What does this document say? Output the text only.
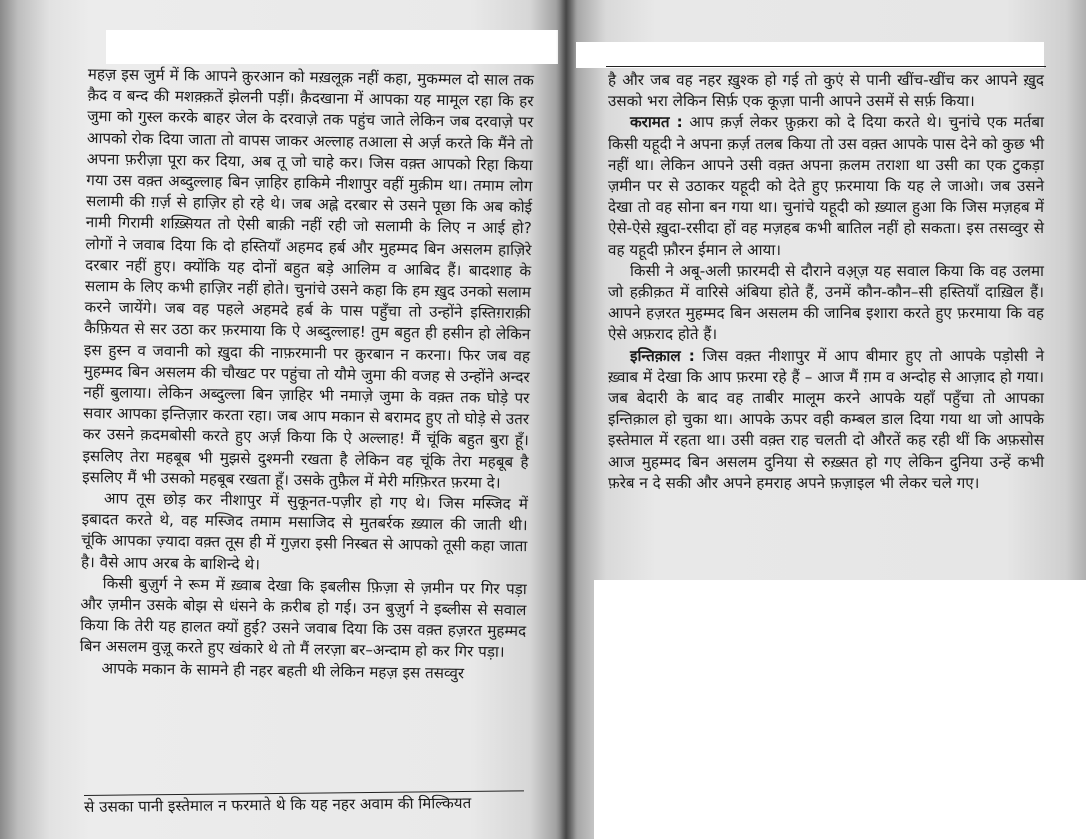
महज़ इस जुर्म में कि आपने क़ुरआन को मख़लूक़ नहीं कहा, मुकम्मल दो साल तक क़ैद व बन्द की मशक़्क़तें झेलनी पड़ीं। क़ैदखाना में आपका यह मामूल रहा कि हर जुमा को गुस्ल करके बाहर जेल के दरवाज़े तक पहुंच जाते लेकिन जब दरवाज़े पर आपको रोक दिया जाता तो वापस जाकर अल्लाह तआला से अर्ज़ करते कि मैंने तो अपना फ़रीज़ा पूरा कर दिया, अब तू जो चाहे कर। जिस वक़्त आपको रिहा किया गया उस वक़्त अब्दुल्लाह बिन ज़ाहिर हाकिमे नीशापुर वहीं मुक़ीम था। तमाम लोग सलामी की ग़र्ज़ से हाज़िर हो रहे थे। जब अह्ले दरबार से उसने पूछा कि अब कोई नामी गिरामी शख़्सियत तो ऐसी बाक़ी नहीं रही जो सलामी के लिए न आई हो? लोगों ने जवाब दिया कि दो हस्तियाँ अहमद हर्ब और मुहम्मद बिन असलम हाज़िरे दरबार नहीं हुए। क्योंकि यह दोनों बहुत बड़े आलिम व आबिद हैं। बादशाह के सलाम के लिए कभी हाज़िर नहीं होते। चुनांचे उसने कहा कि हम ख़ुद उनको सलाम करने जायेंगे। जब वह पहले अहमदे हर्ब के पास पहुँचा तो उन्होंने इस्तिग़राक़ी कैफ़ियत से सर उठा कर फ़रमाया कि ऐ अब्दुल्लाह! तुम बहुत ही हसीन हो लेकिन इस हुस्न व जवानी को ख़ुदा की नाफ़रमानी पर क़ुरबान न करना। फिर जब वह मुहम्मद बिन असलम की चौखट पर पहुंचा तो यौमे जुमा की वजह से उन्होंने अन्दर नहीं बुलाया। लेकिन अब्दुल्ला बिन ज़ाहिर भी नमाज़े जुमा के वक़्त तक घोड़े पर सवार आपका इन्तिज़ार करता रहा। जब आप मकान से बरामद हुए तो घोड़े से उतर कर उसने क़दमबोसी करते हुए अर्ज़ किया कि ऐ अल्लाह! मैं चूंकि बहुत बुरा हूँ। इसलिए तेरा महबूब भी मुझसे दुश्मनी रखता है लेकिन वह चूंकि तेरा महबूब है इसलिए मैं भी उसको महबूब रखता हूँ। उसके तुफ़ैल में मेरी मग़्फ़िरत फ़रमा दे।

आप तूस छोड़ कर नीशापुर में सुकूनत-पज़ीर हो गए थे। जिस मस्जिद में इबादत करते थे, वह मस्जिद तमाम मसाजिद से मुतबर्रक ख़्याल की जाती थी। चूंकि आपका ज़्यादा वक़्त तूस ही में गुज़रा इसी निस्बत से आपको तूसी कहा जाता है। वैसे आप अरब के बाशिन्दे थे।

किसी बुज़ुर्ग ने रूम में ख़्वाब देखा कि इबलीस फ़िज़ा से ज़मीन पर गिर पड़ा और ज़मीन उसके बोझ से धंसने के क़रीब हो गई। उन बुज़ुर्ग ने इब्लीस से सवाल किया कि तेरी यह हालत क्यों हुई? उसने जवाब दिया कि उस वक़्त हज़रत मुहम्मद बिन असलम वुज़ू करते हुए खंकारे थे तो मैं लरज़ा बर–अन्दाम हो कर गिर पड़ा।

आपके मकान के सामने ही नहर बहती थी लेकिन महज़ इस तसव्वुर

से उसका पानी इस्तेमाल न फरमाते थे कि यह नहर अवाम की मिल्कियत

है और जब वह नहर ख़ुश्क हो गई तो कुएं से पानी खींच-खींच कर आपने ख़ुद उसको भरा लेकिन सिर्फ़ एक कूज़ा पानी आपने उसमें से सर्फ़ किया।

करामत : आप क़र्ज़ लेकर फ़ुक़रा को दे दिया करते थे। चुनांचे एक मर्तबा किसी यहूदी ने अपना क़र्ज़ तलब किया तो उस वक़्त आपके पास देने को कुछ भी नहीं था। लेकिन आपने उसी वक़्त अपना क़लम तराशा था उसी का एक टुकड़ा ज़मीन पर से उठाकर यहूदी को देते हुए फ़रमाया कि यह ले जाओ। जब उसने देखा तो वह सोना बन गया था। चुनांचे यहूदी को ख़्याल हुआ कि जिस मज़हब में ऐसे-ऐसे ख़ुदा-रसीदा हों वह मज़हब कभी बातिल नहीं हो सकता। इस तसव्वुर से वह यहूदी फ़ौरन ईमान ले आया।

किसी ने अबू-अली फ़ारमदी से दौराने वअ़्ज़ यह सवाल किया कि वह उलमा जो हक़ीक़त में वारिसे अंबिया होते हैं, उनमें कौन-कौन–सी हस्तियाँ दाख़िल हैं। आपने हज़रत मुहम्मद बिन असलम की जानिब इशारा करते हुए फ़रमाया कि वह ऐसे अफ़राद होते हैं।

इन्तिक़ाल : जिस वक़्त नीशापुर में आप बीमार हुए तो आपके पड़ोसी ने ख़्वाब में देखा कि आप फ़रमा रहे हैं – आज मैं ग़म व अन्दोह से आज़ाद हो गया। जब बेदारी के बाद वह ताबीर मालूम करने आपके यहाँ पहुँचा तो आपका इन्तिक़ाल हो चुका था। आपके ऊपर वही कम्बल डाल दिया गया था जो आपके इस्तेमाल में रहता था। उसी वक़्त राह चलती दो औरतें कह रही थीं कि अफ़सोस आज मुहम्मद बिन असलम दुनिया से रुख़्सत हो गए लेकिन दुनिया उन्हें कभी फ़रेब न दे सकी और अपने हमराह अपने फ़ज़ाइल भी लेकर चले गए।
